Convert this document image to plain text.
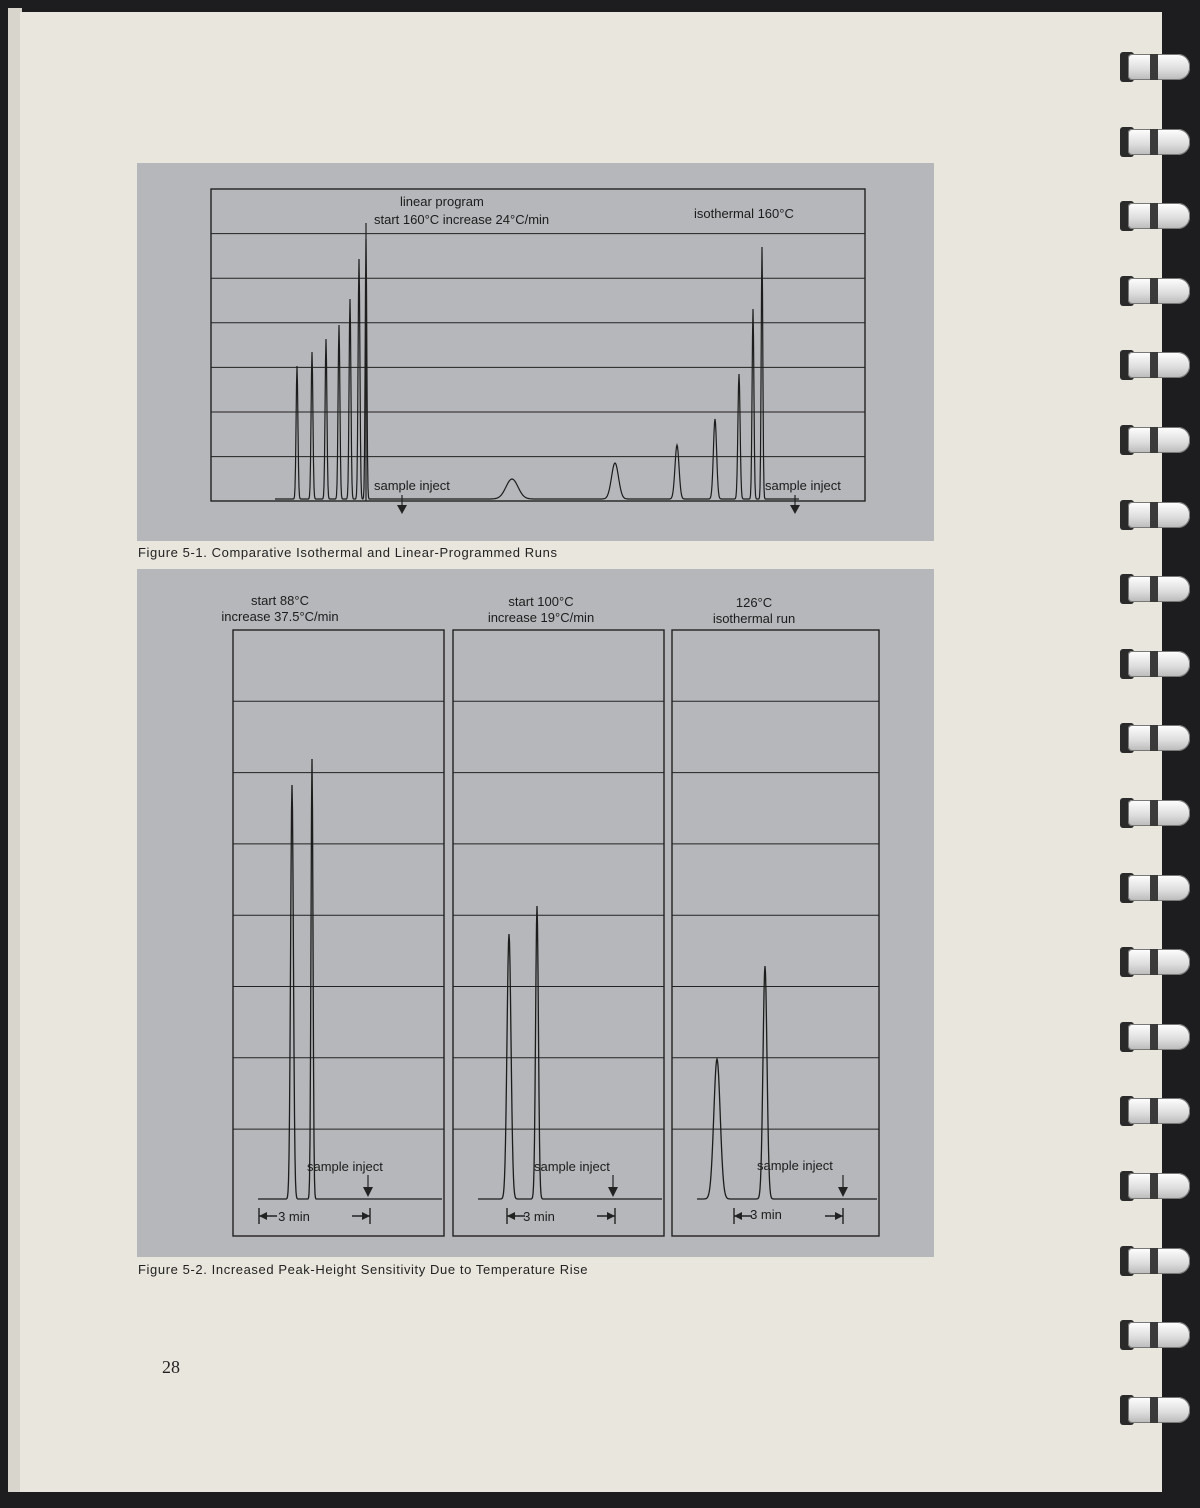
linear program
start 160°C increase 24°C/min	isothermal 160°C
sample inject	sample inject
Figure 5-1. Comparative Isothermal and Linear-Programmed Runs
start 88°C
increase 37.5°C/min
start 100°C
increase 19°C/min
126°C
isothermal run
sample inject	sample inject	sample inject
3 min	3 min	3 min
Figure 5-2. Increased Peak-Height Sensitivity Due to Temperature Rise
28
